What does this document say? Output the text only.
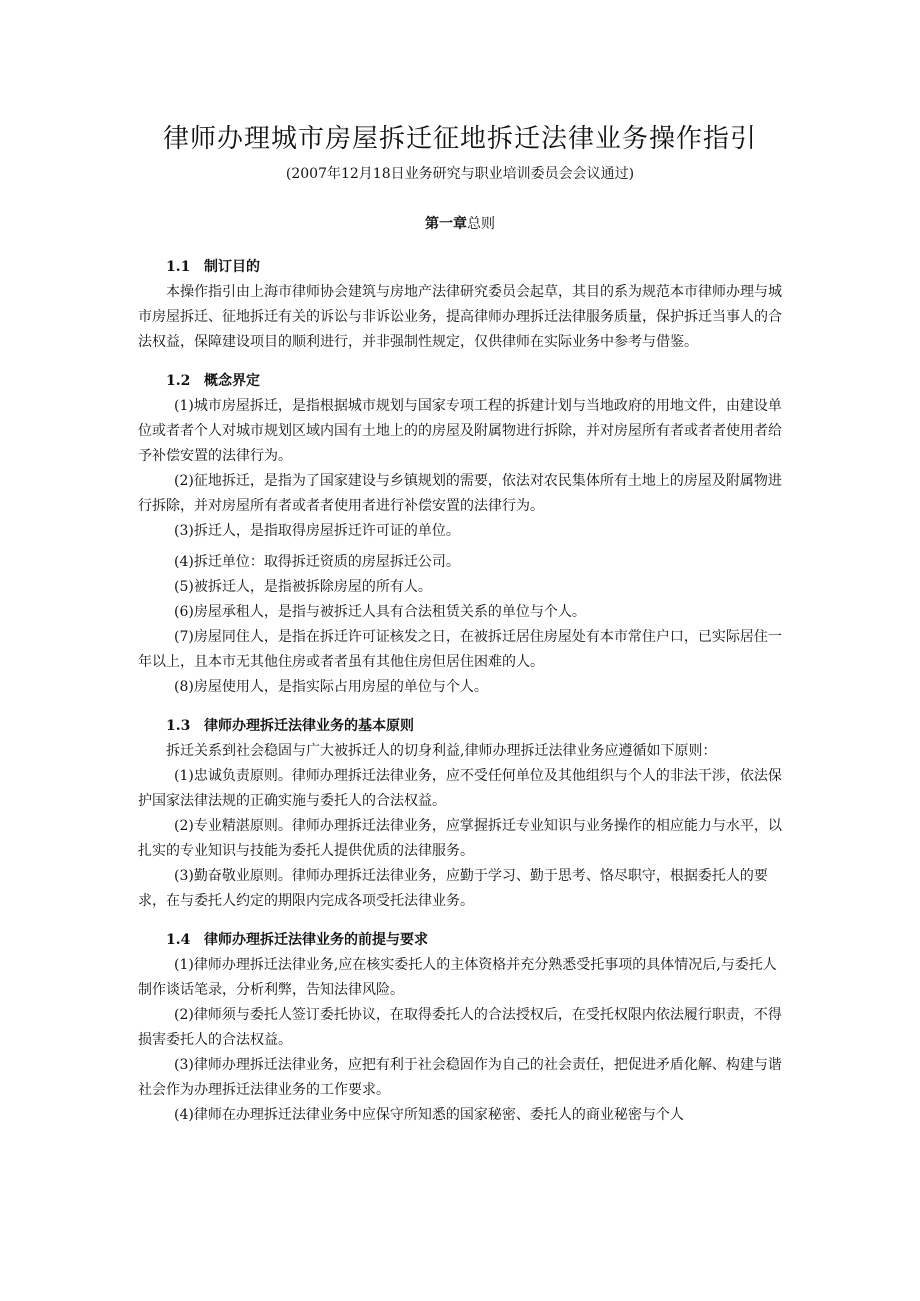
律师办理城市房屋拆迁征地拆迁法律业务操作指引
(2007年12月18日业务研究与职业培训委员会会议通过)
第一章总则

1.1 制订目的

本操作指引由上海市律师协会建筑与房地产法律研究委员会起草，其目的系为规范本市律师办理与城市房屋拆迁、征地拆迁有关的诉讼与非诉讼业务，提高律师办理拆迁法律服务质量，保护拆迁当事人的合法权益，保障建设项目的顺利进行，并非强制性规定，仅供律师在实际业务中参考与借鉴。

1.2 概念界定

(1)城市房屋拆迁，是指根据城市规划与国家专项工程的拆建计划与当地政府的用地文件，由建设单位或者者个人对城市规划区域内国有土地上的的房屋及附属物进行拆除，并对房屋所有者或者者使用者给予补偿安置的法律行为。

(2)征地拆迁，是指为了国家建设与乡镇规划的需要，依法对农民集体所有土地上的房屋及附属物进行拆除，并对房屋所有者或者者使用者进行补偿安置的法律行为。

(3)拆迁人，是指取得房屋拆迁许可证的单位。

(4)拆迁单位：取得拆迁资质的房屋拆迁公司。

(5)被拆迁人，是指被拆除房屋的所有人。

(6)房屋承租人，是指与被拆迁人具有合法租赁关系的单位与个人。

(7)房屋同住人，是指在拆迁许可证核发之日，在被拆迁居住房屋处有本市常住户口，已实际居住一年以上，且本市无其他住房或者者虽有其他住房但居住困难的人。

(8)房屋使用人，是指实际占用房屋的单位与个人。

1.3 律师办理拆迁法律业务的基本原则

拆迁关系到社会稳固与广大被拆迁人的切身利益,律师办理拆迁法律业务应遵循如下原则：

(1)忠诚负责原则。律师办理拆迁法律业务，应不受任何单位及其他组织与个人的非法干涉，依法保护国家法律法规的正确实施与委托人的合法权益。

(2)专业精湛原则。律师办理拆迁法律业务，应掌握拆迁专业知识与业务操作的相应能力与水平，以扎实的专业知识与技能为委托人提供优质的法律服务。

(3)勤奋敬业原则。律师办理拆迁法律业务，应勤于学习、勤于思考、恪尽职守，根据委托人的要求，在与委托人约定的期限内完成各项受托法律业务。

1.4 律师办理拆迁法律业务的前提与要求

(1)律师办理拆迁法律业务,应在核实委托人的主体资格并充分熟悉受托事项的具体情况后,与委托人制作谈话笔录，分析利弊，告知法律风险。

(2)律师须与委托人签订委托协议，在取得委托人的合法授权后，在受托权限内依法履行职责，不得损害委托人的合法权益。

(3)律师办理拆迁法律业务，应把有利于社会稳固作为自己的社会责任，把促进矛盾化解、构建与谐社会作为办理拆迁法律业务的工作要求。

(4)律师在办理拆迁法律业务中应保守所知悉的国家秘密、委托人的商业秘密与个人
